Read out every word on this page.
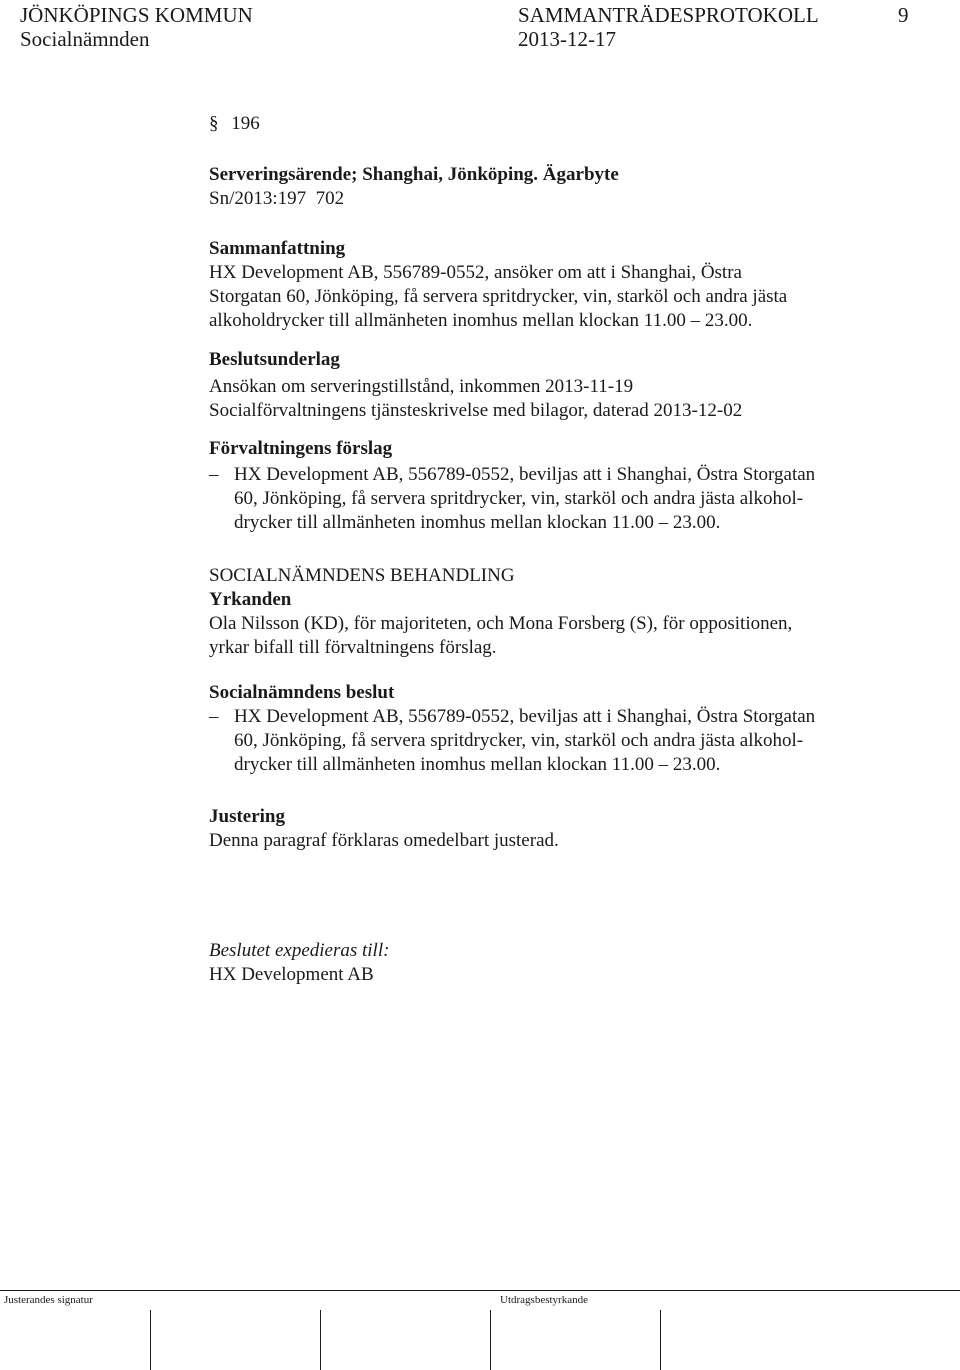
JÖNKÖPINGS KOMMUN
Socialnämnden
SAMMANTRÄDESPROTOKOLL
2013-12-17
9
§ 196
Serveringsärende; Shanghai, Jönköping. Ägarbyte
Sn/2013:197  702
Sammanfattning
HX Development AB, 556789-0552, ansöker om att i Shanghai, Östra
Storgatan 60, Jönköping, få servera spritdrycker, vin, starköl och andra jästa
alkoholdrycker till allmänheten inomhus mellan klockan 11.00 – 23.00.
Beslutsunderlag
Ansökan om serveringstillstånd, inkommen 2013-11-19
Socialförvaltningens tjänsteskrivelse med bilagor, daterad 2013-12-02
Förvaltningens förslag
– HX Development AB, 556789-0552, beviljas att i Shanghai, Östra Storgatan
60, Jönköping, få servera spritdrycker, vin, starköl och andra jästa alkohol-
drycker till allmänheten inomhus mellan klockan 11.00 – 23.00.
SOCIALNÄMNDENS BEHANDLING
Yrkanden
Ola Nilsson (KD), för majoriteten, och Mona Forsberg (S), för oppositionen,
yrkar bifall till förvaltningens förslag.
Socialnämndens beslut
– HX Development AB, 556789-0552, beviljas att i Shanghai, Östra Storgatan
60, Jönköping, få servera spritdrycker, vin, starköl och andra jästa alkohol-
drycker till allmänheten inomhus mellan klockan 11.00 – 23.00.
Justering
Denna paragraf förklaras omedelbart justerad.
Beslutet expedieras till:
HX Development AB
Justerandes signatur	Utdragsbestyrkande
